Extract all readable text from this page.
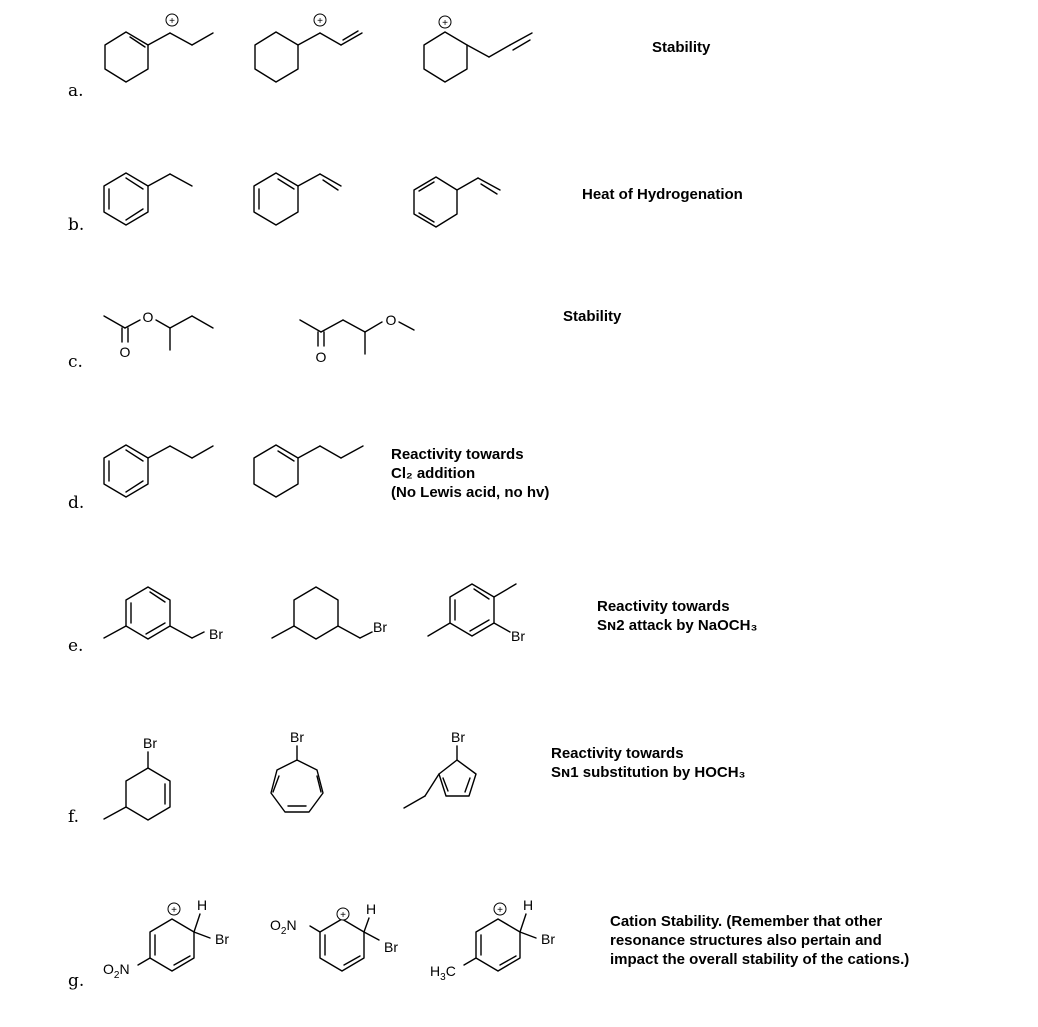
a.
b.
c.
d.
e.
f.
g.
+	+	+
O
O
O
O
Br	Br
Br
Br	Br	Br
+ H
Br
$O_2N$
+ H
Br
$O_2N$
+ H
Br
$H_3C$
Stability
Heat of Hydrogenation
Stability
Reactivity towards
Cl₂ addition
(No Lewis acid, no hv)
Reactivity towards
Sɴ2 attack by NaOCH₃
Reactivity towards
Sɴ1 substitution by HOCH₃
Cation Stability. (Remember that other
resonance structures also pertain and
impact the overall stability of the cations.)
